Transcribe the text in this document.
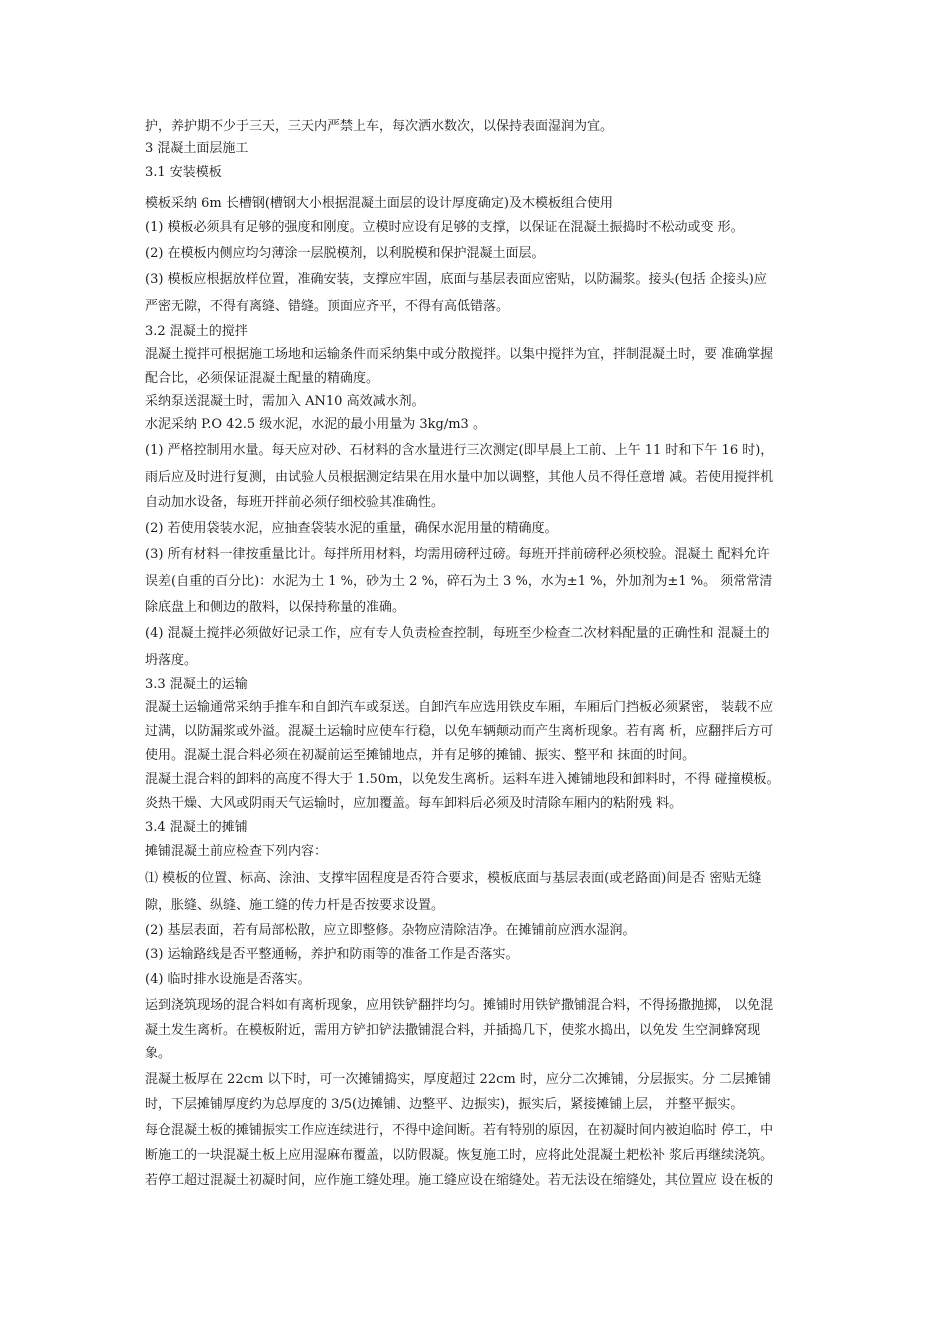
护，养护期不少于三天，三天内严禁上车，每次洒水数次，以保持表面湿润为宜。

3 混凝土面层施工

3.1 安装模板

模板采纳 6m 长槽钢(槽钢大小根据混凝土面层的设计厚度确定)及木模板组合使用

(1) 模板必须具有足够的强度和刚度。立模时应设有足够的支撑，以保证在混凝土振捣时不松动或变 形。

(2) 在模板内侧应均匀薄涂一层脱模剂，以利脱模和保护混凝土面层。

(3) 模板应根据放样位置，准确安装，支撑应牢固，底面与基层表面应密贴，以防漏浆。接头(包括 企接头)应

严密无隙，不得有离缝、错缝。顶面应齐平，不得有高低错落。

3.2 混凝土的搅拌

混凝土搅拌可根据施工场地和运输条件而采纳集中或分散搅拌。以集中搅拌为宜，拌制混凝土时，要 准确掌握

配合比，必须保证混凝土配量的精确度。

采纳泵送混凝土时，需加入 AN10 高效减水剂。

水泥采纳 P.O 42.5 级水泥，水泥的最小用量为 3kg/m3 。

(1) 严格控制用水量。每天应对砂、石材料的含水量进行三次测定(即早晨上工前、上午 11 时和下午 16 时)，

雨后应及时进行复测，由试验人员根据测定结果在用水量中加以调整，其他人员不得任意增 减。若使用搅拌机

自动加水设备，每班开拌前必须仔细校验其准确性。

(2) 若使用袋装水泥，应抽查袋装水泥的重量，确保水泥用量的精确度。

(3) 所有材料一律按重量比计。每拌所用材料，均需用磅秤过磅。每班开拌前磅秤必须校验。混凝土 配料允许

误差(自重的百分比)：水泥为土 1 %，砂为土 2 %，碎石为土 3 %，水为±1 %，外加剂为±1 %。 须常常清

除底盘上和侧边的散料，以保持称量的准确。

(4) 混凝土搅拌必须做好记录工作，应有专人负责检查控制，每班至少检查二次材料配量的正确性和 混凝土的

坍落度。

3.3 混凝土的运输

混凝土运输通常采纳手推车和自卸汽车或泵送。自卸汽车应选用铁皮车厢，车厢后门挡板必须紧密， 装载不应

过满，以防漏浆或外溢。混凝土运输时应使车行稳，以免车辆颠动而产生离析现象。若有离 析，应翻拌后方可

使用。混凝土混合料必须在初凝前运至摊铺地点，并有足够的摊铺、振实、整平和 抹面的时间。

混凝土混合料的卸料的高度不得大于 1.50m，以免发生离析。运料车进入摊铺地段和卸料时，不得 碰撞模板。

炎热干燥、大风或阴雨天气运输时，应加覆盖。每车卸料后必须及时清除车厢内的粘附残 料。

3.4 混凝土的摊铺

摊铺混凝土前应检查下列内容：

⑴ 模板的位置、标高、涂油、支撑牢固程度是否符合要求，模板底面与基层表面(或老路面)间是否 密贴无缝

隙，胀缝、纵缝、施工缝的传力杆是否按要求设置。

(2) 基层表面，若有局部松散，应立即整修。杂物应清除洁净。在摊铺前应洒水湿润。

(3) 运输路线是否平整通畅，养护和防雨等的准备工作是否落实。

(4) 临时排水设施是否落实。

运到浇筑现场的混合料如有离析现象，应用铁铲翻拌均匀。摊铺时用铁铲撒铺混合料，不得扬撒抛掷， 以免混

凝土发生离析。在模板附近，需用方铲扣铲法撒铺混合料，并插捣几下，使浆水捣出，以免发 生空洞蜂窝现

象。

混凝土板厚在 22cm 以下时，可一次摊铺捣实，厚度超过 22cm 时，应分二次摊铺，分层振实。分 二层摊铺

时，下层摊铺厚度约为总厚度的 3/5(边摊铺、边整平、边振实)，振实后，紧接摊铺上层， 并整平振实。

每仓混凝土板的摊铺振实工作应连续进行，不得中途间断。若有特别的原因，在初凝时间内被迫临时 停工，中

断施工的一块混凝土板上应用湿麻布覆盖，以防假凝。恢复施工时，应将此处混凝土耙松补 浆后再继续浇筑。

若停工超过混凝土初凝时间，应作施工缝处理。施工缝应设在缩缝处。若无法设在缩缝处，其位置应 设在板的
